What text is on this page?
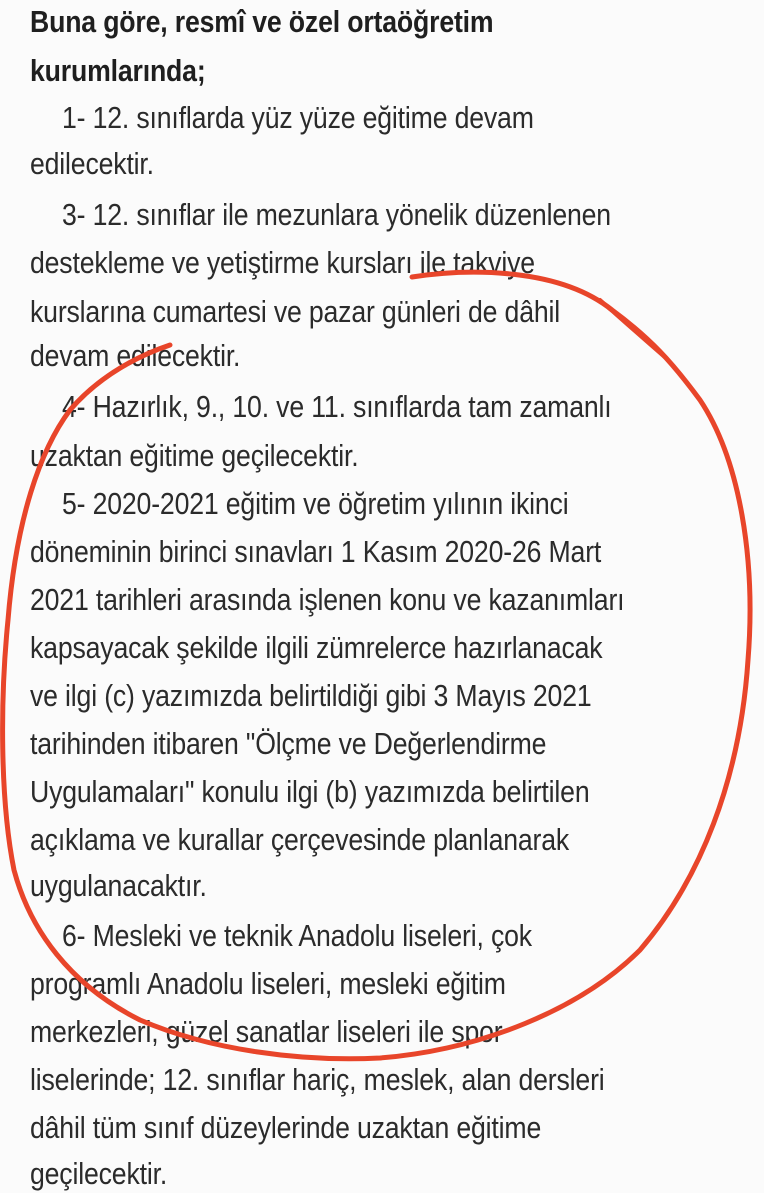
Buna göre, resmî ve özel ortaöğretim
kurumlarında;
1- 12. sınıflarda yüz yüze eğitime devam
edilecektir.
3- 12. sınıflar ile mezunlara yönelik düzenlenen
destekleme ve yetiştirme kursları ile takviye
kurslarına cumartesi ve pazar günleri de dâhil
devam edilecektir.
4- Hazırlık, 9., 10. ve 11. sınıflarda tam zamanlı
uzaktan eğitime geçilecektir.
5- 2020-2021 eğitim ve öğretim yılının ikinci
döneminin birinci sınavları 1 Kasım 2020-26 Mart
2021 tarihleri arasında işlenen konu ve kazanımları
kapsayacak şekilde ilgili zümrelerce hazırlanacak
ve ilgi (c) yazımızda belirtildiği gibi 3 Mayıs 2021
tarihinden itibaren "Ölçme ve Değerlendirme
Uygulamaları" konulu ilgi (b) yazımızda belirtilen
açıklama ve kurallar çerçevesinde planlanarak
uygulanacaktır.
6- Mesleki ve teknik Anadolu liseleri, çok
programlı Anadolu liseleri, mesleki eğitim
merkezleri, güzel sanatlar liseleri ile spor
liselerinde; 12. sınıflar hariç, meslek, alan dersleri
dâhil tüm sınıf düzeylerinde uzaktan eğitime
geçilecektir.
